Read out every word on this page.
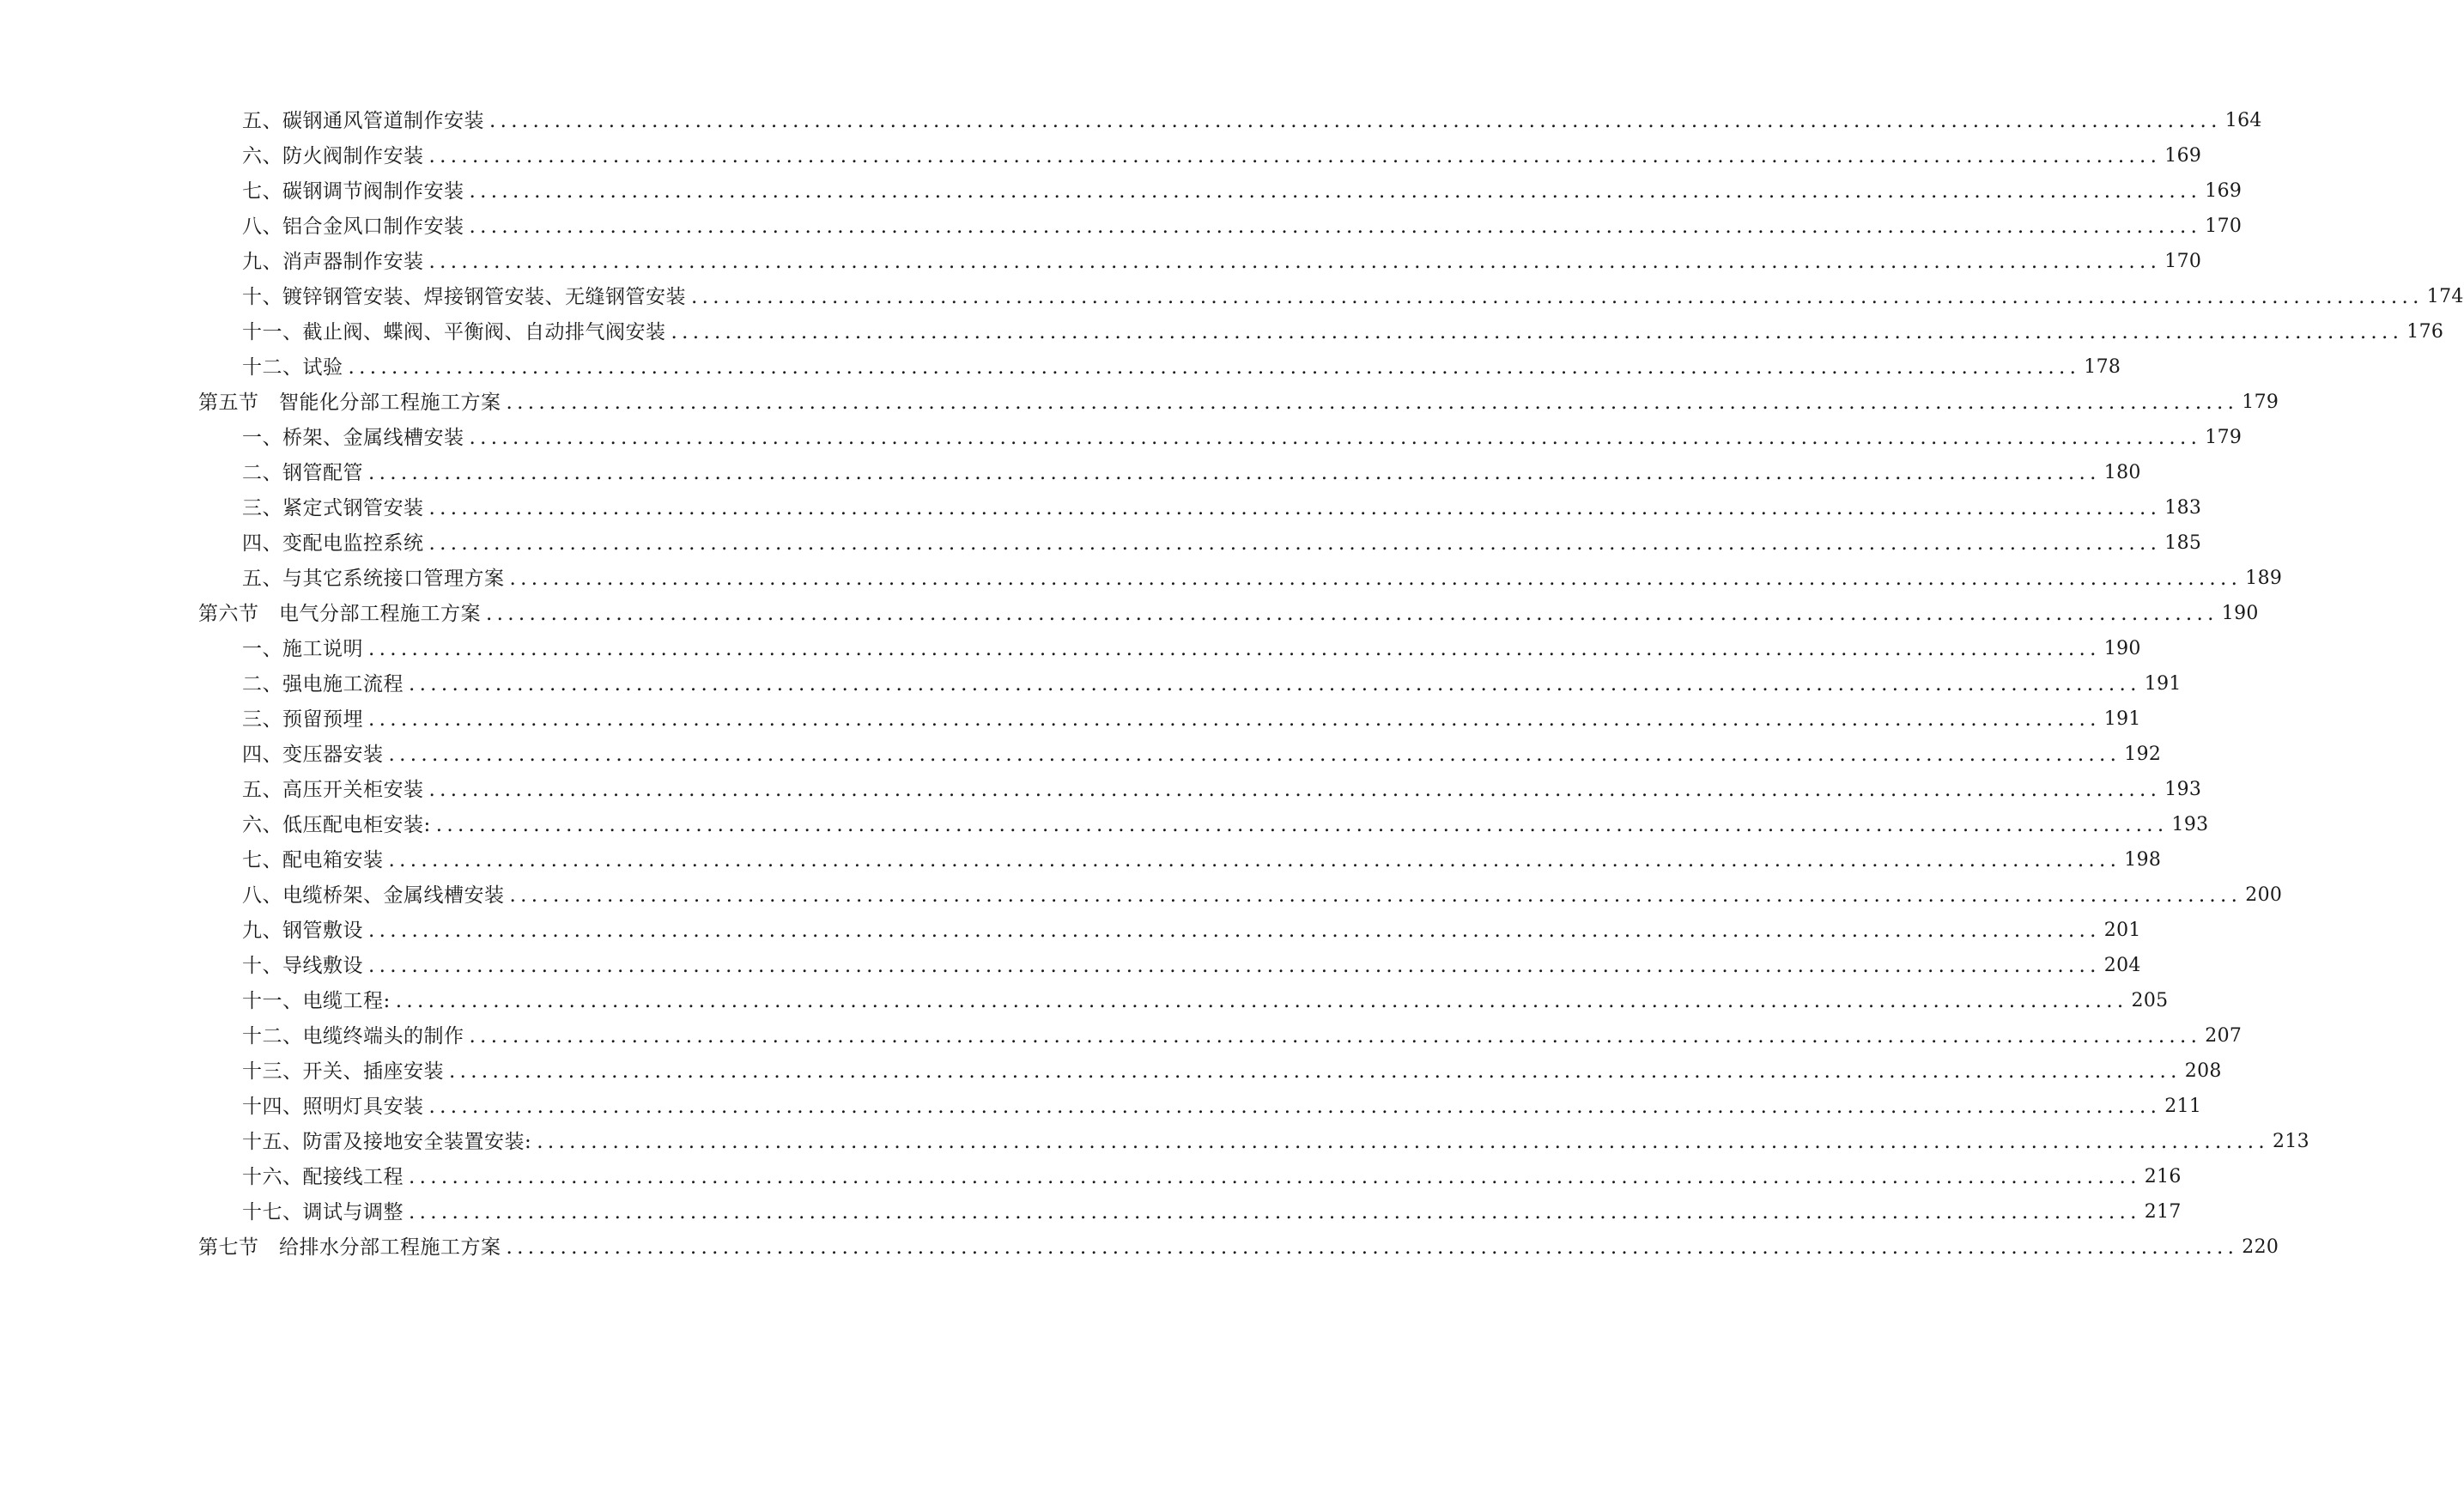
五、碳钢通风管道制作安装 ................................................................................................................................................................ 164
六、防火阀制作安装 ................................................................................................................................................................ 169
七、碳钢调节阀制作安装 ................................................................................................................................................................ 169
八、铝合金风口制作安装 ................................................................................................................................................................ 170
九、消声器制作安装 ................................................................................................................................................................ 170
十、镀锌钢管安装、焊接钢管安装、无缝钢管安装 ................................................................................................................................................................ 174
十一、截止阀、蝶阀、平衡阀、自动排气阀安装 ................................................................................................................................................................ 176
十二、试验 ................................................................................................................................................................ 178
第五节　智能化分部工程施工方案 ................................................................................................................................................................ 179
一、桥架、金属线槽安装 ................................................................................................................................................................ 179
二、钢管配管 ................................................................................................................................................................ 180
三、紧定式钢管安装 ................................................................................................................................................................ 183
四、变配电监控系统 ................................................................................................................................................................ 185
五、与其它系统接口管理方案 ................................................................................................................................................................ 189
第六节　电气分部工程施工方案 ................................................................................................................................................................ 190
一、施工说明 ................................................................................................................................................................ 190
二、强电施工流程 ................................................................................................................................................................ 191
三、预留预埋 ................................................................................................................................................................ 191
四、变压器安装 ................................................................................................................................................................ 192
五、高压开关柜安装 ................................................................................................................................................................ 193
六、低压配电柜安装: ................................................................................................................................................................ 193
七、配电箱安装 ................................................................................................................................................................ 198
八、电缆桥架、金属线槽安装 ................................................................................................................................................................ 200
九、钢管敷设 ................................................................................................................................................................ 201
十、导线敷设 ................................................................................................................................................................ 204
十一、电缆工程: ................................................................................................................................................................ 205
十二、电缆终端头的制作 ................................................................................................................................................................ 207
十三、开关、插座安装 ................................................................................................................................................................ 208
十四、照明灯具安装 ................................................................................................................................................................ 211
十五、防雷及接地安全装置安装: ................................................................................................................................................................ 213
十六、配接线工程 ................................................................................................................................................................ 216
十七、调试与调整 ................................................................................................................................................................ 217
第七节　给排水分部工程施工方案 ................................................................................................................................................................ 220
